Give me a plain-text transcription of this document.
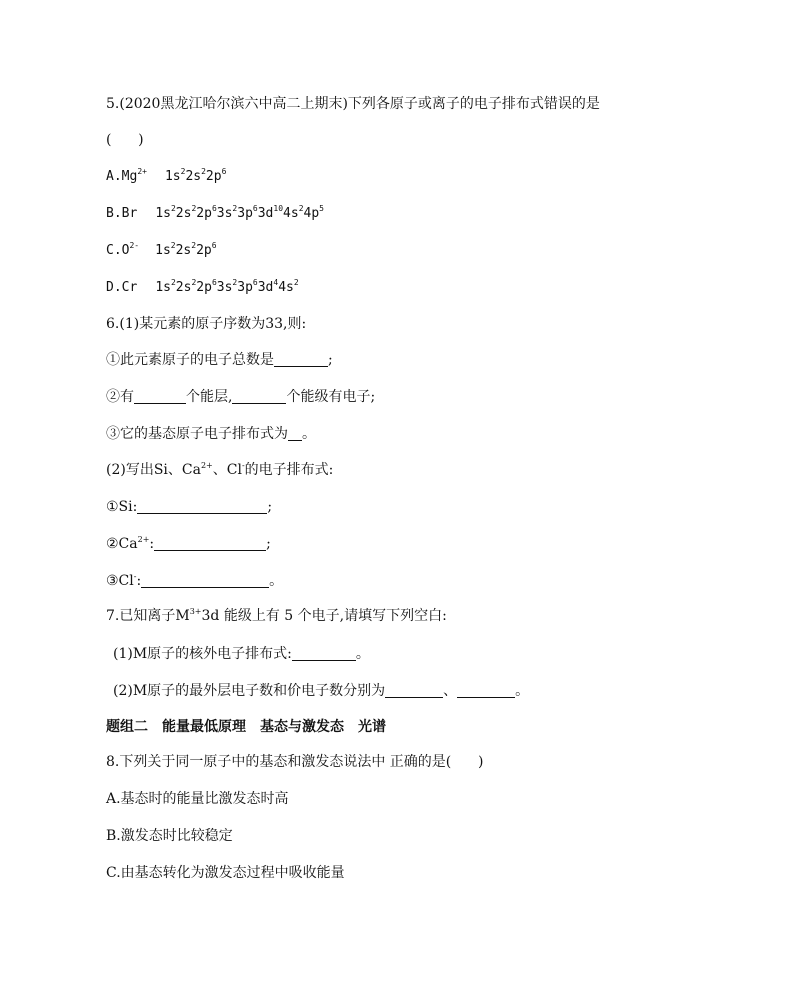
5.(2020黑龙江哈尔滨六中高二上期末)下列各原子或离子的电子排布式错误的是
(      )
$A.Mg^{2+}$ $1s^22s^22p^6$
B.Br $1s^22s^22p^63s^23p^63d^{10}4s^24p^5$
$C.O^{2-}$ $1s^22s^22p^6$
D.Cr $1s^22s^22p^63s^23p^63d^44s^2$
6.(1)某元素的原子序数为33,则:
①此元素原子的电子总数是	;
②有	个能层,	个能级有电子;
③它的基态原子电子排布式为 。
(2)写出Si、$Ca^{2+}$、Cl-的电子排布式:
①Si:	;
$②Ca^{2+}$:	;
③Cl-:	。
7.已知离子$M^{3+}3d$ 能级上有 5 个电子,请填写下列空白:
(1)M原子的核外电子排布式:	。
(2)M原子的最外层电子数和价电子数分别为	、	。
题组二 能量最低原理 基态与激发态 光谱
8.下列关于同一原子中的基态和激发态说法中 正确的是(      )
A.基态时的能量比激发态时高
B.激发态时比较稳定
C.由基态转化为激发态过程中吸收能量
